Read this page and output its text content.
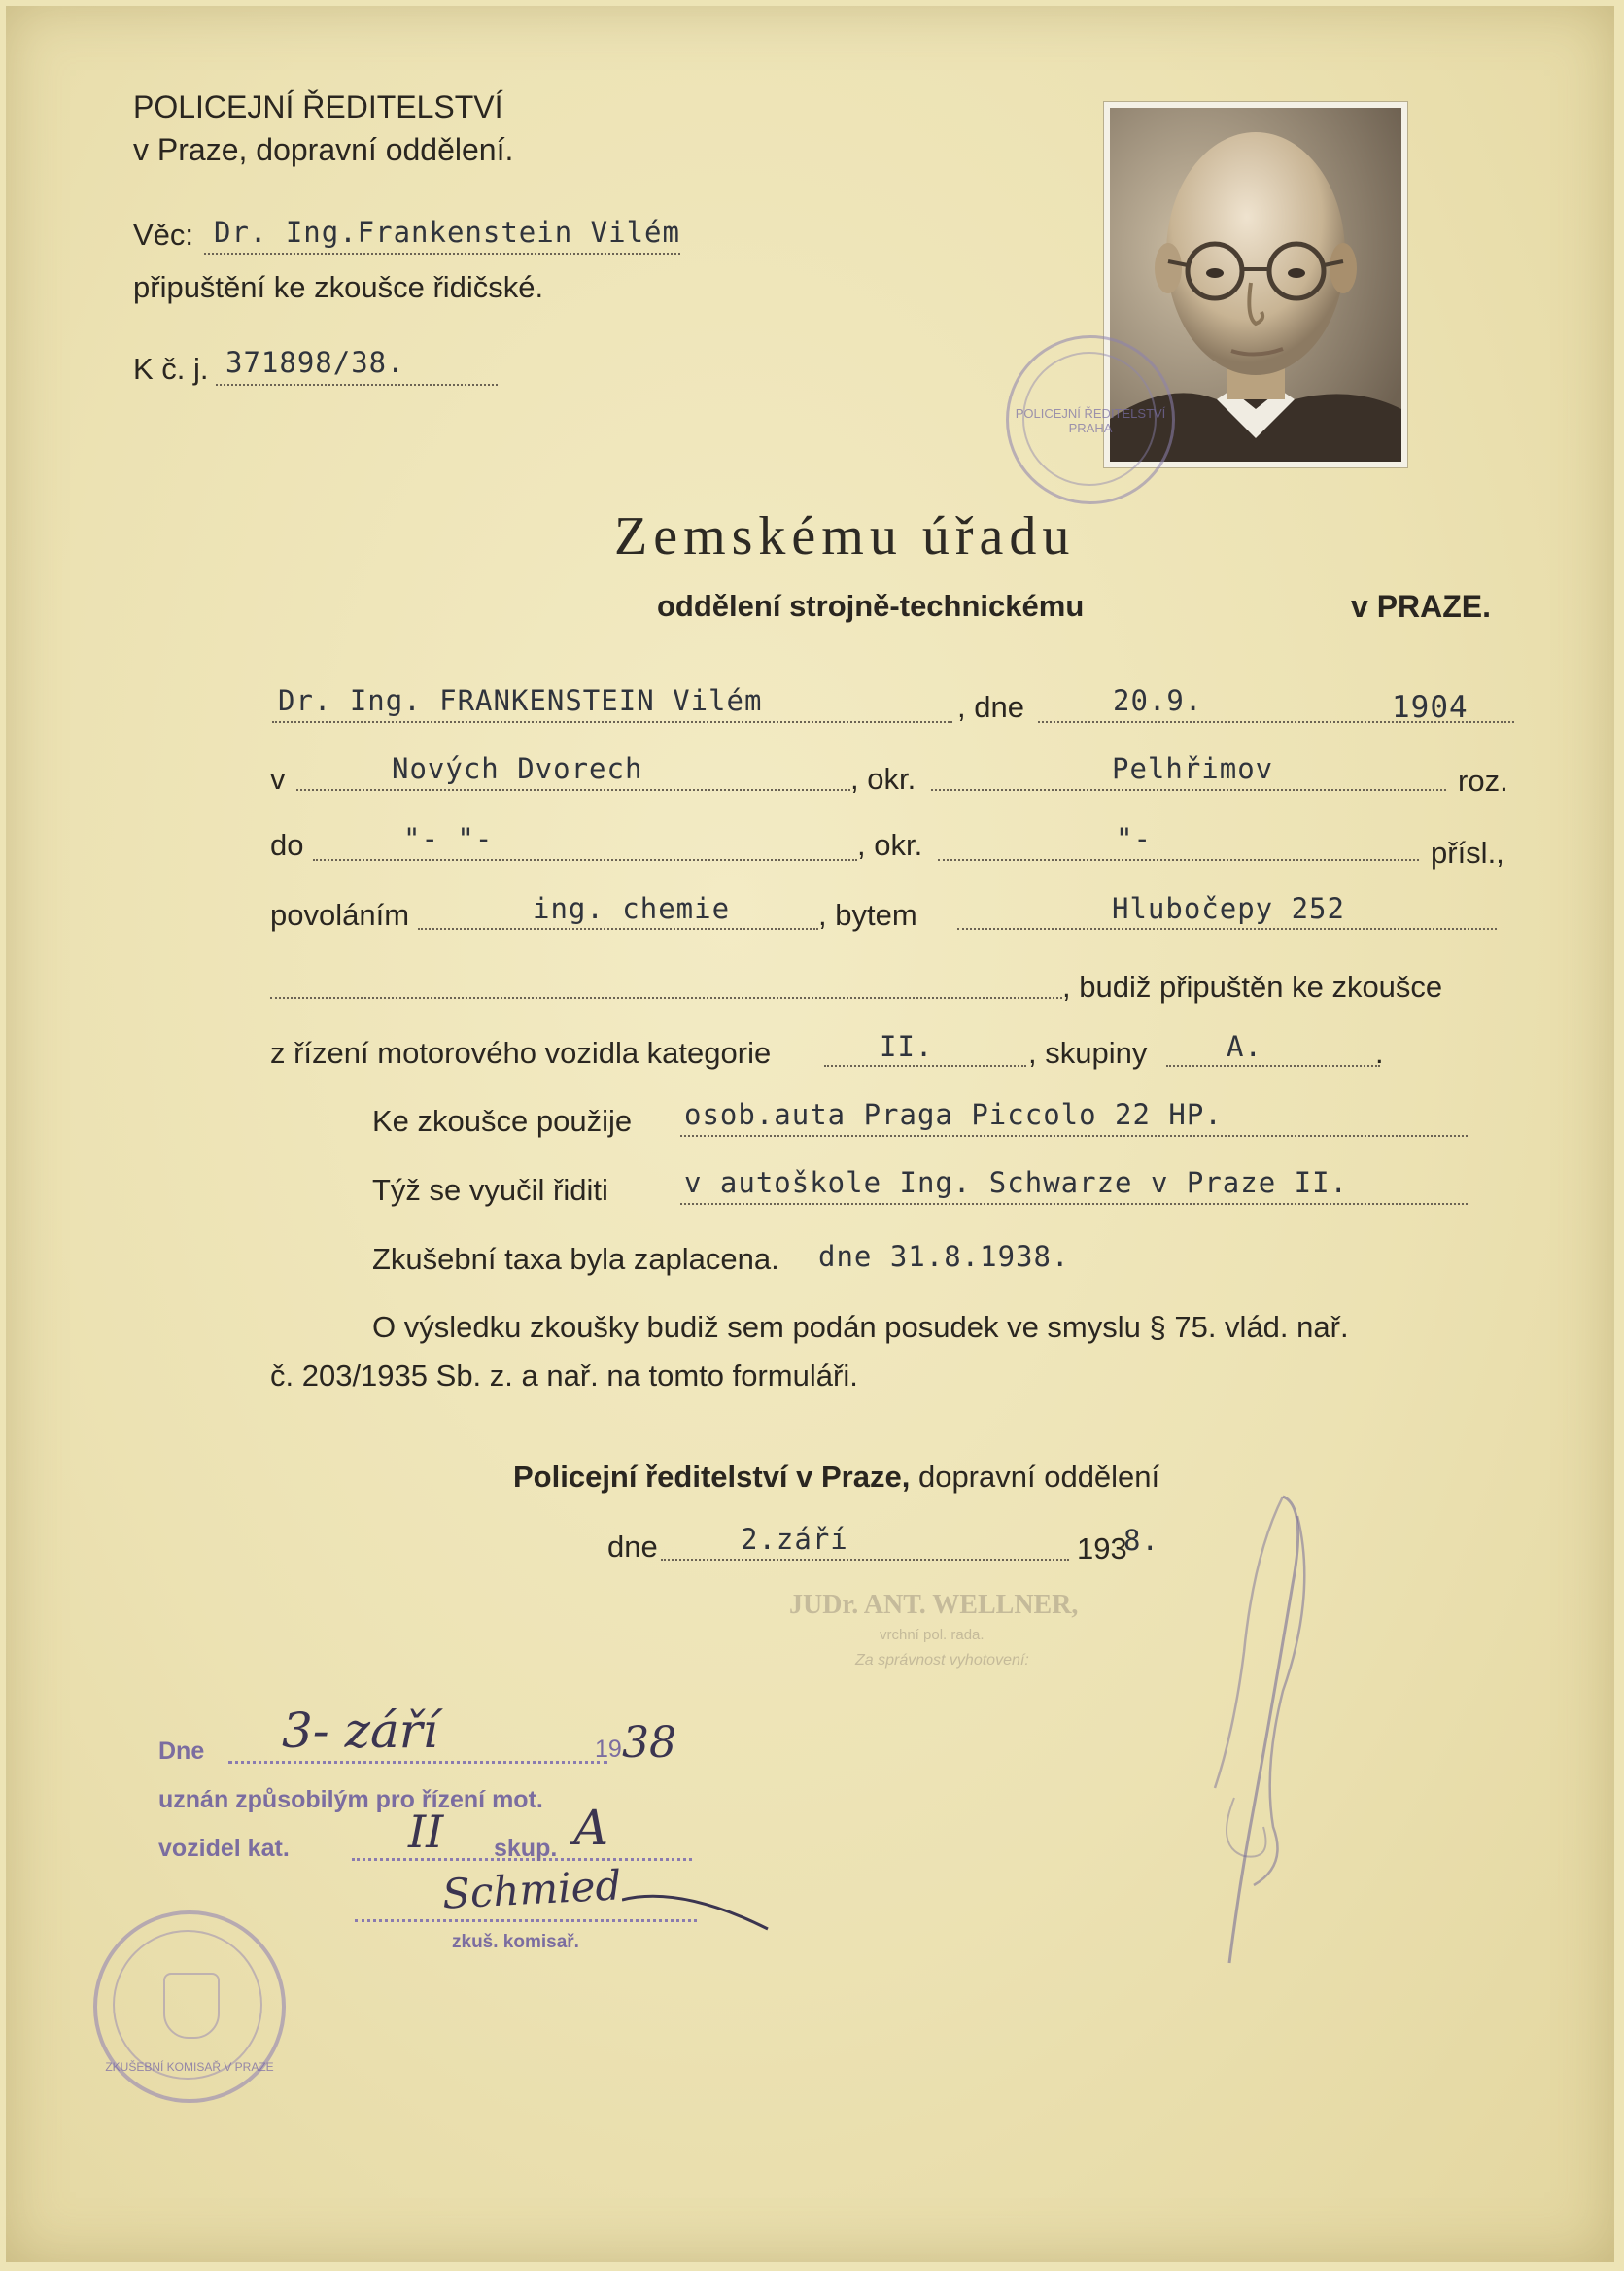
POLICEJNÍ ŘEDITELSTVÍ
v Praze, dopravní oddělení.
Věc: Dr. Ing.Frankenstein Vilém
připuštění ke zkoušce řidičské.
K č. j. 371898/38.
POLICEJNÍ ŘEDITELSTVÍ PRAHA
Zemskému úřadu
oddělení strojně-technickému	v PRAZE.
Dr. Ing. FRANKENSTEIN Vilém	, dne	20.9.	1904
v	Nových Dvorech	, okr.	Pelhřimov	roz.
do	"- "-	, okr.	"-	přísl.,
povoláním	ing. chemie	, bytem	Hlubočepy 252
, budiž připuštěn ke zkoušce
z řízení motorového vozidla kategorie	II.	, skupiny	A.	.
Ke zkoušce použije osob.auta Praga Piccolo 22 HP.
Týž se vyučil řiditi	v autoškole Ing. Schwarze v Praze II.
Zkušební taxa byla zaplacena. dne 31.8.1938.
O výsledku zkoušky budiž sem podán posudek ve smyslu § 75. vlád. nař.
č. 203/1935 Sb. z. a nař. na tomto formuláři.
Policejní ředitelství v Praze, dopravní oddělení
dne	2.září	193
8.
JUDr. ANT. WELLNER,
vrchní pol. rada.
Za správnost vyhotovení:
Dne 3- září	19 38
uznán způsobilým pro řízení mot.
vozidel kat.	II skup. A
Schmied
zkuš. komisař.
ZKUŠEBNÍ KOMISAŘ V PRAZE
